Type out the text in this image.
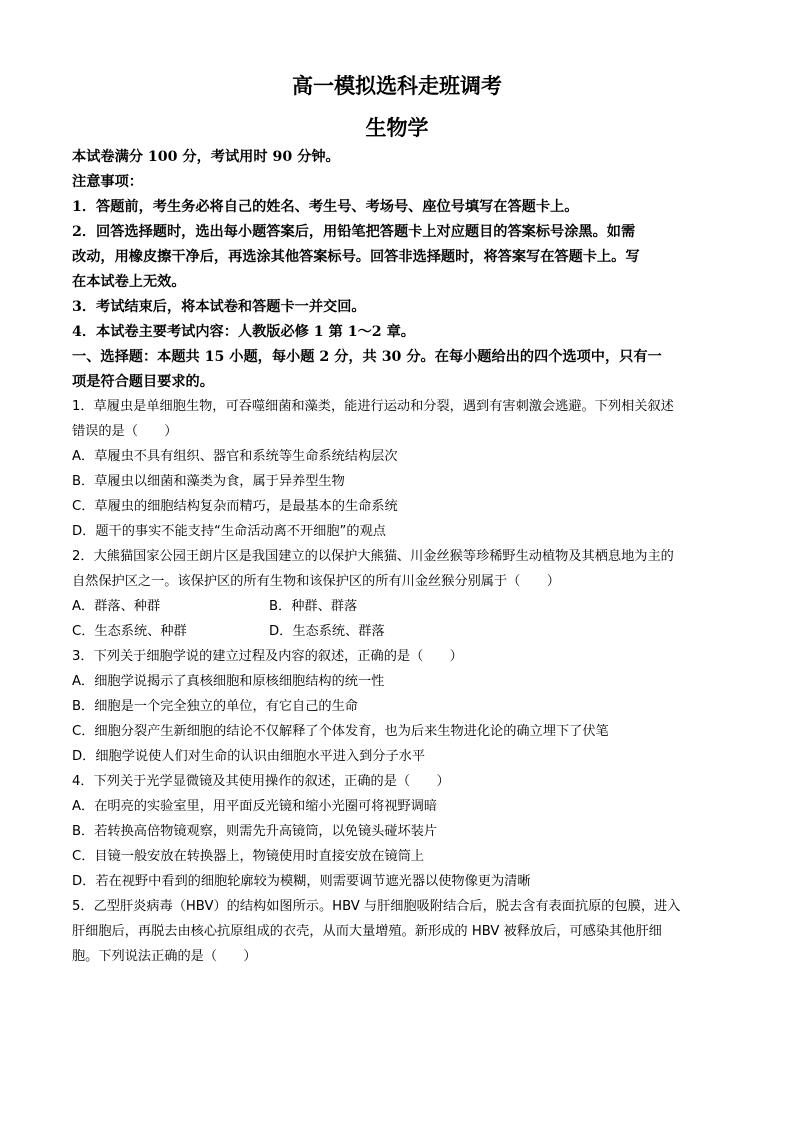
高一模拟选科走班调考
生物学
本试卷满分 100 分，考试用时 90 分钟。
注意事项：
1．答题前，考生务必将自己的姓名、考生号、考场号、座位号填写在答题卡上。
2．回答选择题时，选出每小题答案后，用铅笔把答题卡上对应题目的答案标号涂黑。如需
改动，用橡皮擦干净后，再选涂其他答案标号。回答非选择题时，将答案写在答题卡上。写
在本试卷上无效。
3．考试结束后，将本试卷和答题卡一并交回。
4．本试卷主要考试内容：人教版必修 1 第 1～2 章。
一、选择题：本题共 15 小题，每小题 2 分，共 30 分。在每小题给出的四个选项中，只有一
项是符合题目要求的。
1．草履虫是单细胞生物，可吞噬细菌和藻类，能进行运动和分裂，遇到有害刺激会逃避。下列相关叙述
错误的是（　　）
A．草履虫不具有组织、器官和系统等生命系统结构层次
B．草履虫以细菌和藻类为食，属于异养型生物
C．草履虫的细胞结构复杂而精巧，是最基本的生命系统
D．题干的事实不能支持“生命活动离不开细胞”的观点
2．大熊猫国家公园王朗片区是我国建立的以保护大熊猫、川金丝猴等珍稀野生动植物及其栖息地为主的
自然保护区之一。该保护区的所有生物和该保护区的所有川金丝猴分别属于（　　）
A．群落、种群	B．种群、群落
C．生态系统、种群	D．生态系统、群落
3．下列关于细胞学说的建立过程及内容的叙述，正确的是（　　）
A．细胞学说揭示了真核细胞和原核细胞结构的统一性
B．细胞是一个完全独立的单位，有它自己的生命
C．细胞分裂产生新细胞的结论不仅解释了个体发育，也为后来生物进化论的确立埋下了伏笔
D．细胞学说使人们对生命的认识由细胞水平进入到分子水平
4．下列关于光学显微镜及其使用操作的叙述，正确的是（　　）
A．在明亮的实验室里，用平面反光镜和缩小光圈可将视野调暗
B．若转换高倍物镜观察，则需先升高镜筒，以免镜头碰坏装片
C．目镜一般安放在转换器上，物镜使用时直接安放在镜筒上
D．若在视野中看到的细胞轮廓较为模糊，则需要调节遮光器以使物像更为清晰
5．乙型肝炎病毒（HBV）的结构如图所示。HBV 与肝细胞吸附结合后，脱去含有表面抗原的包膜，进入
肝细胞后，再脱去由核心抗原组成的衣壳，从而大量增殖。新形成的 HBV 被释放后，可感染其他肝细
胞。下列说法正确的是（　　）
